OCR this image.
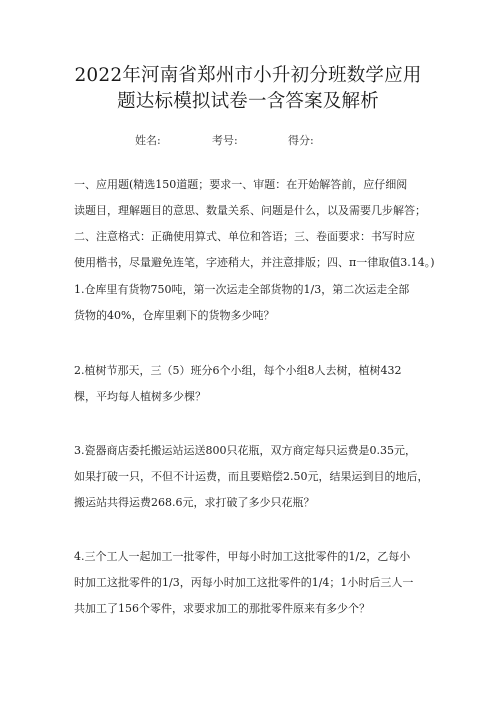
2022年河南省郑州市小升初分班数学应用
题达标模拟试卷一含答案及解析
姓名:	考号:	得分:
一、应用题(精选150道题；要求一、审题：在开始解答前，应仔细阅
读题目，理解题目的意思、数量关系、问题是什么，以及需要几步解答；
二、注意格式：正确使用算式、单位和答语；三、卷面要求：书写时应
使用楷书，尽量避免连笔，字迹稍大，并注意排版；四、π一律取值3.14。)
1.仓库里有货物750吨，第一次运走全部货物的1/3，第二次运走全部
货物的40%，仓库里剩下的货物多少吨？
2.植树节那天，三（5）班分6个小组，每个小组8人去树，植树432
棵，平均每人植树多少棵？
3.瓷器商店委托搬运站运送800只花瓶，双方商定每只运费是0.35元，
如果打破一只，不但不计运费，而且要赔偿2.50元，结果运到目的地后，
搬运站共得运费268.6元，求打破了多少只花瓶？
4.三个工人一起加工一批零件，甲每小时加工这批零件的1/2，乙每小
时加工这批零件的1/3，丙每小时加工这批零件的1/4；1小时后三人一
共加工了156个零件，求要求加工的那批零件原来有多少个？
